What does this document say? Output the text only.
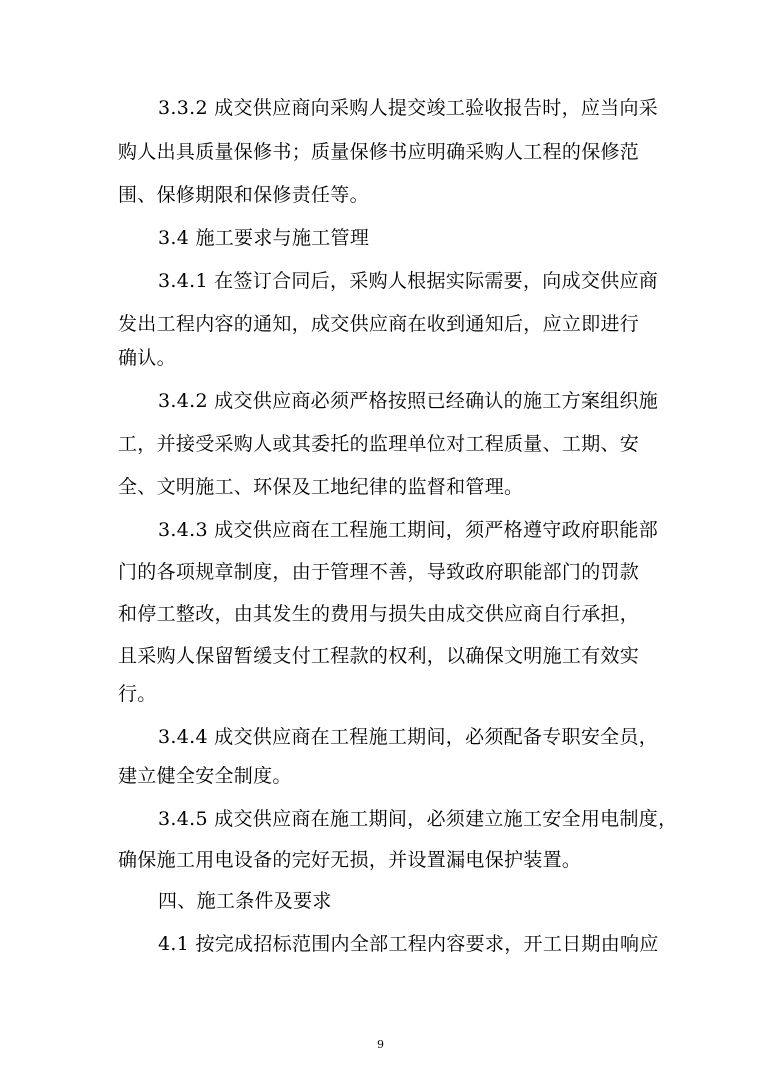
3.3.2 成交供应商向采购人提交竣工验收报告时，应当向采
购人出具质量保修书；质量保修书应明确采购人工程的保修范
围、保修期限和保修责任等。
3.4 施工要求与施工管理
3.4.1 在签订合同后，采购人根据实际需要，向成交供应商
发出工程内容的通知，成交供应商在收到通知后，应立即进行
确认。
3.4.2 成交供应商必须严格按照已经确认的施工方案组织施
工，并接受采购人或其委托的监理单位对工程质量、工期、安
全、文明施工、环保及工地纪律的监督和管理。
3.4.3 成交供应商在工程施工期间，须严格遵守政府职能部
门的各项规章制度，由于管理不善，导致政府职能部门的罚款
和停工整改，由其发生的费用与损失由成交供应商自行承担，
且采购人保留暂缓支付工程款的权利，以确保文明施工有效实
行。
3.4.4 成交供应商在工程施工期间，必须配备专职安全员，
建立健全安全制度。
3.4.5 成交供应商在施工期间，必须建立施工安全用电制度，
确保施工用电设备的完好无损，并设置漏电保护装置。
四、施工条件及要求
4.1 按完成招标范围内全部工程内容要求，开工日期由响应
9
